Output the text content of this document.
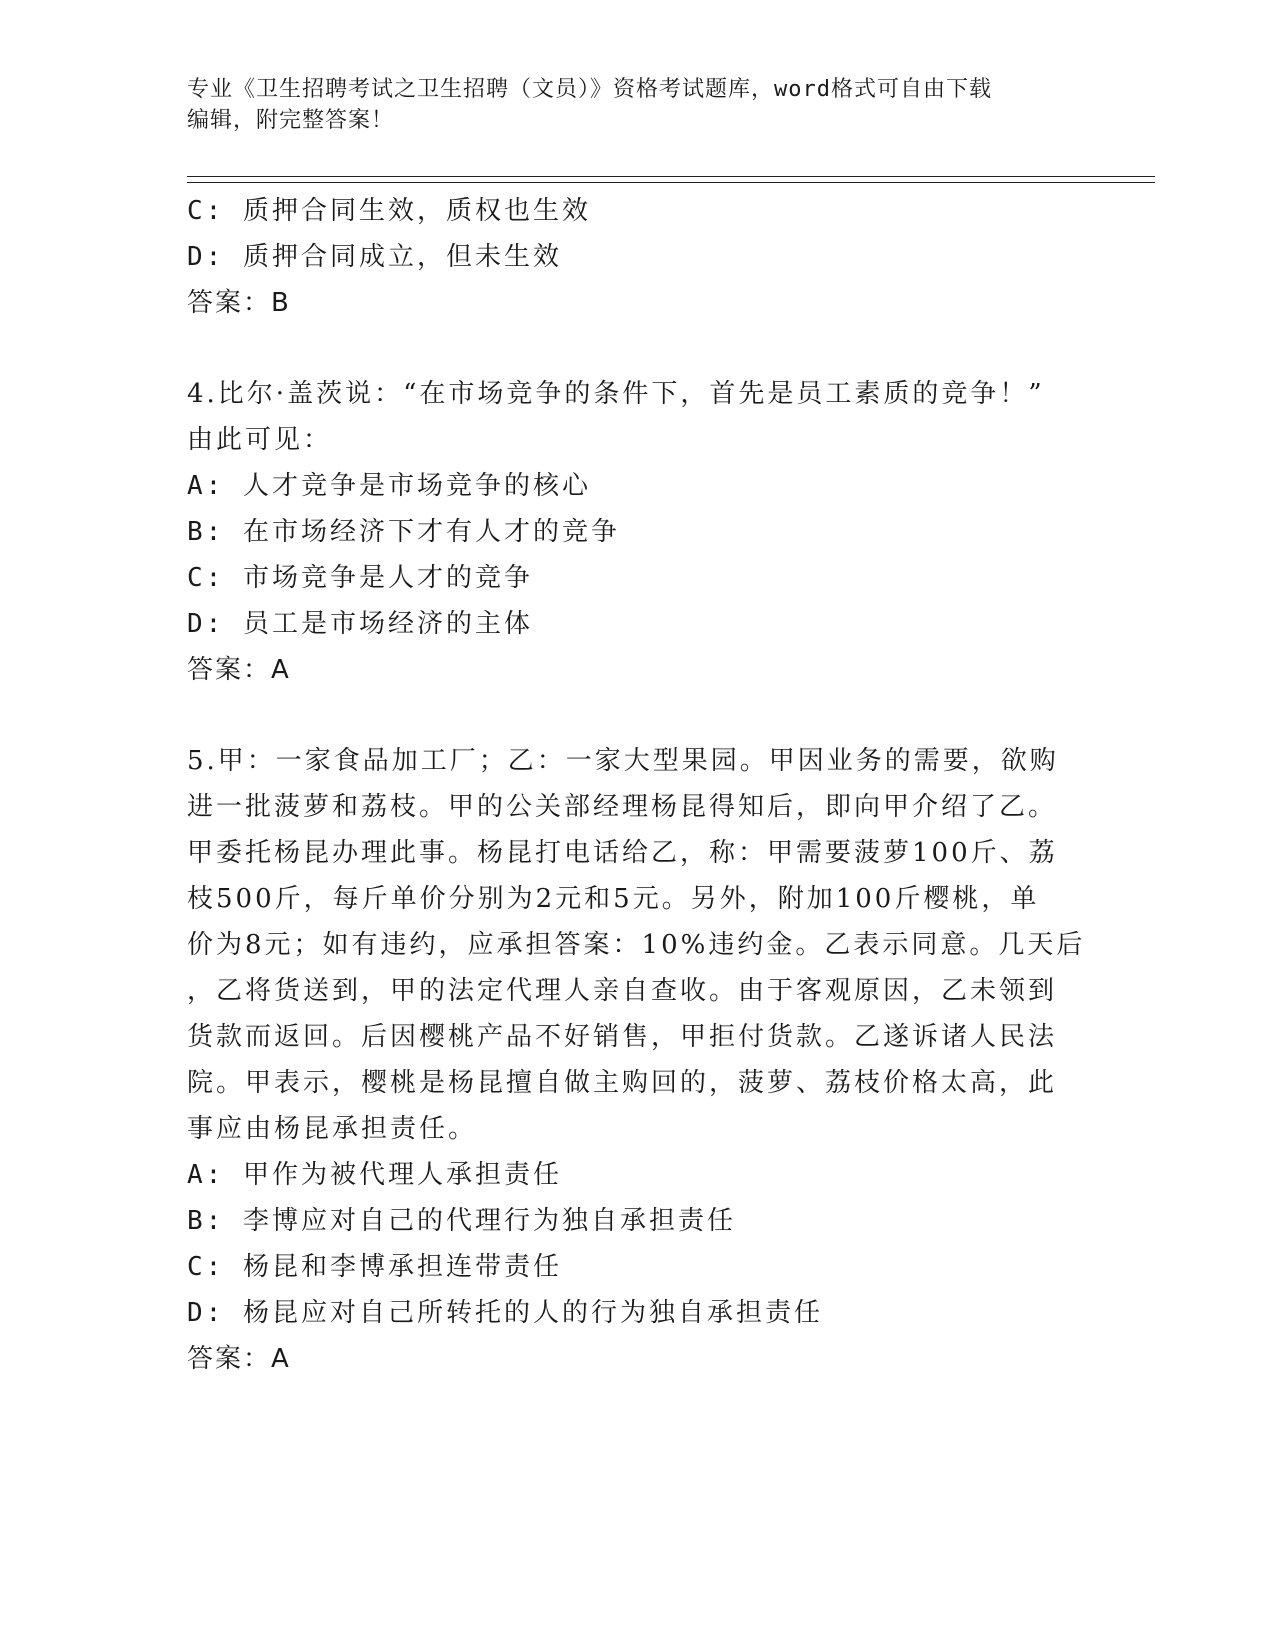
专业《卫生招聘考试之卫生招聘（文员）》资格考试题库，word格式可自由下载
编辑，附完整答案！
C: 质押合同生效，质权也生效
D: 质押合同成立，但未生效
答案：B
4.比尔·盖茨说：“在市场竞争的条件下，首先是员工素质的竞争！”
由此可见：
A: 人才竞争是市场竞争的核心
B: 在市场经济下才有人才的竞争
C: 市场竞争是人才的竞争
D: 员工是市场经济的主体
答案：A
5.甲：一家食品加工厂；乙：一家大型果园。甲因业务的需要，欲购
进一批菠萝和荔枝。甲的公关部经理杨昆得知后，即向甲介绍了乙。
甲委托杨昆办理此事。杨昆打电话给乙，称：甲需要菠萝100斤、荔
枝500斤，每斤单价分别为2元和5元。另外，附加100斤樱桃，单
价为8元；如有违约，应承担答案：10%违约金。乙表示同意。几天后
，乙将货送到，甲的法定代理人亲自查收。由于客观原因，乙未领到
货款而返回。后因樱桃产品不好销售，甲拒付货款。乙遂诉诸人民法
院。甲表示，樱桃是杨昆擅自做主购回的，菠萝、荔枝价格太高，此
事应由杨昆承担责任。
A: 甲作为被代理人承担责任
B: 李博应对自己的代理行为独自承担责任
C: 杨昆和李博承担连带责任
D: 杨昆应对自己所转托的人的行为独自承担责任
答案：A
